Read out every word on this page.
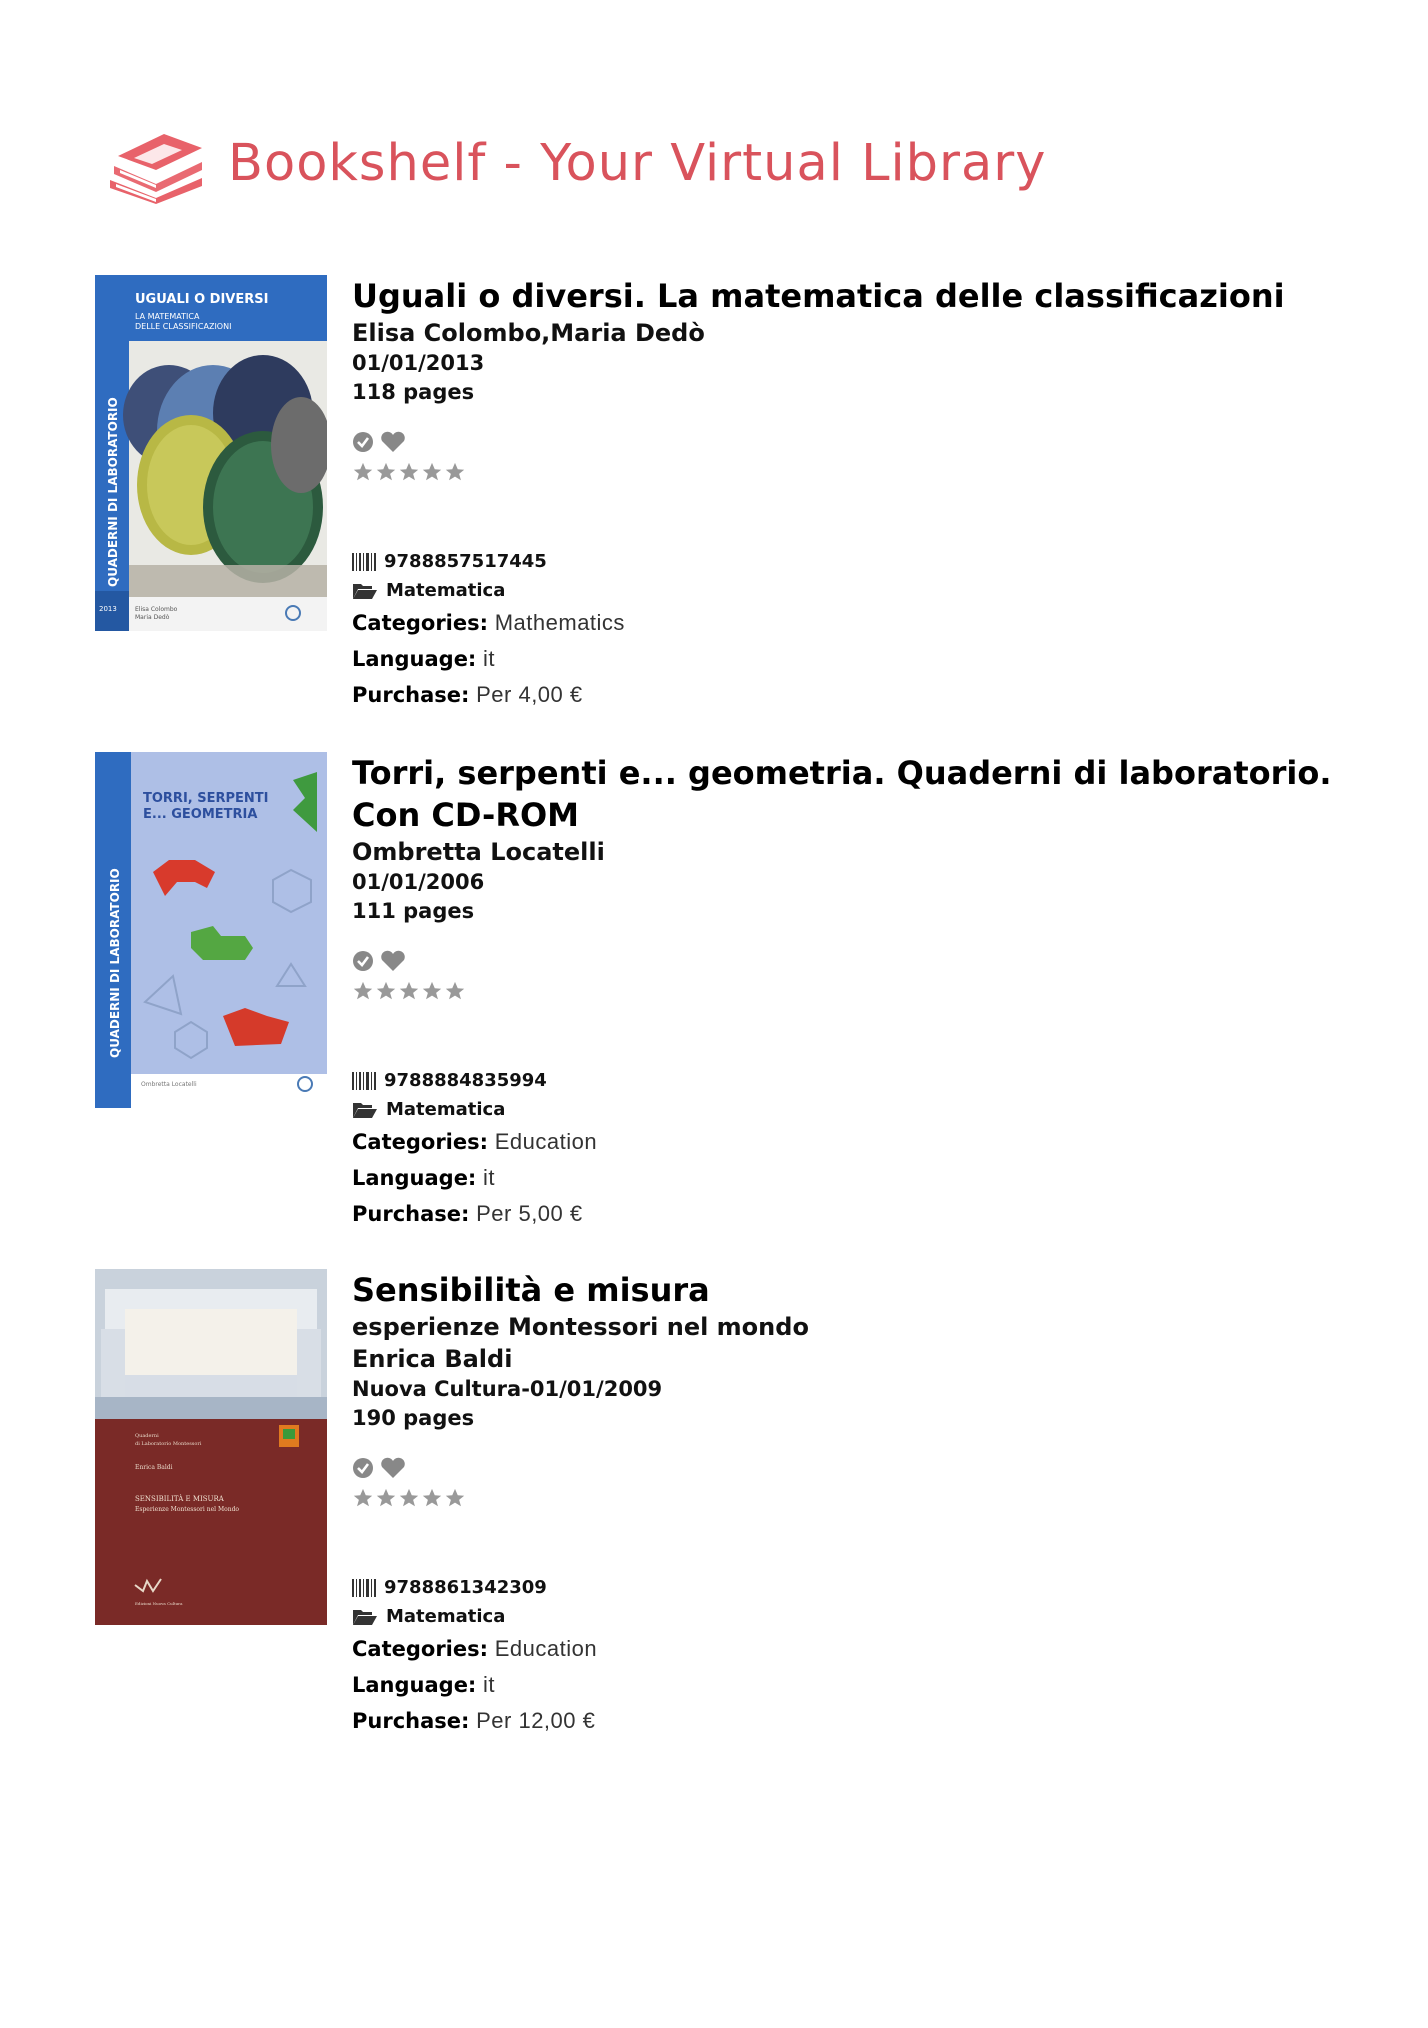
Bookshelf - Your Virtual Library
UGUALI O DIVERSI
LA MATEMATICA
DELLE CLASSIFICAZIONI
QUADERNI DI LABORATORIO
2013	Elisa Colombo
Maria Dedò
Uguali o diversi. La matematica delle classificazioni
Elisa Colombo,Maria Dedò
01/01/2013
118 pages
9788857517445
Matematica
Categories: Mathematics
Language: it
Purchase: Per 4,00 €
TORRI, SERPENTI
E... GEOMETRIA
QUADERNI DI LABORATORIO
Ombretta Locatelli
Torri, serpenti e... geometria. Quaderni di laboratorio. Con CD-ROM
Ombretta Locatelli
01/01/2006
111 pages
9788884835994
Matematica
Categories: Education
Language: it
Purchase: Per 5,00 €
Quaderni
di Laboratorio Montessori
Enrica Baldi
SENSIBILITÀ E MISURA
Esperienze Montessori nel Mondo
Edizioni Nuova Cultura
Sensibilità e misura
esperienze Montessori nel mondo
Enrica Baldi
Nuova Cultura-01/01/2009
190 pages
9788861342309
Matematica
Categories: Education
Language: it
Purchase: Per 12,00 €
